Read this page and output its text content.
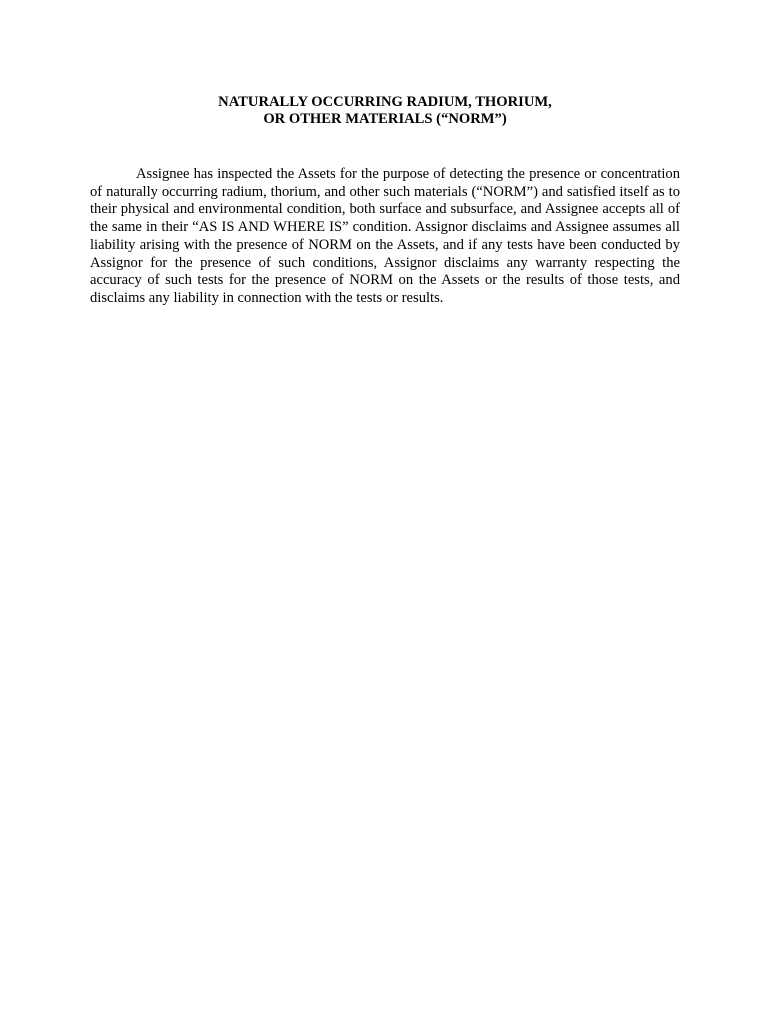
NATURALLY OCCURRING RADIUM, THORIUM,
OR OTHER MATERIALS (“NORM”)

Assignee has inspected the Assets for the purpose of detecting the presence or concentration of naturally occurring radium, thorium, and other such materials (“NORM”) and satisfied itself as to their physical and environmental condition, both surface and subsurface, and Assignee accepts all of the same in their “AS IS AND WHERE IS” condition. Assignor disclaims and Assignee assumes all liability arising with the presence of NORM on the Assets, and if any tests have been conducted by Assignor for the presence of such conditions, Assignor disclaims any warranty respecting the accuracy of such tests for the presence of NORM on the Assets or the results of those tests, and disclaims any liability in connection with the tests or results.
